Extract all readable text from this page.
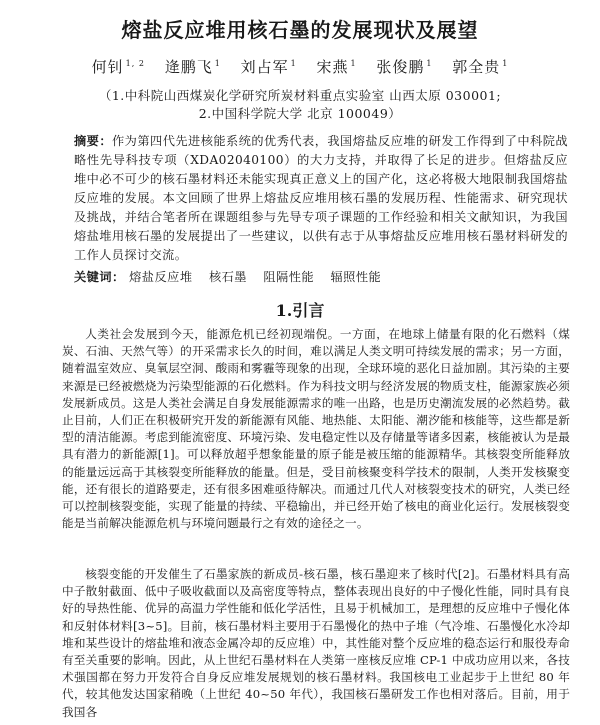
熔盐反应堆用核石墨的发展现状及展望
何钊 $^{1, 2}$ 逄鹏飞 $^1$ 刘占军 $^1$ 宋燕 $^1$ 张俊鹏 $^1$ 郭全贵 $^1$
（1.中科院山西煤炭化学研究所炭材料重点实验室 山西太原 030001;
2.中国科学院大学 北京 100049）
摘要：作为第四代先进核能系统的优秀代表，我国熔盐反应堆的研发工作得到了中科院战略性先导科技专项（XDA02040100）的大力支持，并取得了长足的进步。但熔盐反应堆中必不可少的核石墨材料还未能实现真正意义上的国产化，这必将极大地限制我国熔盐反应堆的发展。本文回顾了世界上熔盐反应堆用核石墨的发展历程、性能需求、研究现状及挑战，并结合笔者所在课题组参与先导专项子课题的工作经验和相关文献知识，为我国熔盐堆用核石墨的发展提出了一些建议，以供有志于从事熔盐反应堆用核石墨材料研发的工作人员探讨交流。
关键词： 熔盐反应堆 核石墨 阻隔性能 辐照性能
1.引言

人类社会发展到今天，能源危机已经初现端倪。一方面，在地球上储量有限的化石燃料（煤炭、石油、天然气等）的开采需求长久的时间，难以满足人类文明可持续发展的需求；另一方面，随着温室效应、臭氧层空洞、酸雨和雾霾等现象的出现，全球环境的恶化日益加剧。其污染的主要来源是已经被燃烧为污染型能源的石化燃料。作为科技文明与经济发展的物质支柱，能源家族必须发展新成员。这是人类社会满足自身发展能源需求的唯一出路，也是历史潮流发展的必然趋势。截止目前，人们正在积极研究开发的新能源有风能、地热能、太阳能、潮汐能和核能等，这些都是新型的清洁能源。考虑到能流密度、环境污染、发电稳定性以及存储量等诸多因素，核能被认为是最具有潜力的新能源[1]。可以释放超乎想象能量的原子能是被压缩的能源精华。其核裂变所能释放的能量远远高于其核裂变所能释放的能量。但是，受目前核聚变科学技术的限制，人类开发核聚变能，还有很长的道路要走，还有很多困难亟待解决。而通过几代人对核裂变技术的研究，人类已经可以控制核裂变能，实现了能量的持续、平稳输出，并已经开始了核电的商业化运行。发展核裂变能是当前解决能源危机与环境问题最行之有效的途径之一。

核裂变能的开发催生了石墨家族的新成员-核石墨，核石墨迎来了核时代[2]。石墨材料具有高中子散射截面、低中子吸收截面以及高密度等特点，整体表现出良好的中子慢化性能，同时具有良好的导热性能、优异的高温力学性能和低化学活性，且易于机械加工，是理想的反应堆中子慢化体和反射体材料[3~5]。目前，核石墨材料主要用于石墨慢化的热中子堆（气冷堆、石墨慢化水冷却堆和某些设计的熔盐堆和液态金属冷却的反应堆）中，其性能对整个反应堆的稳态运行和服役寿命有至关重要的影响。因此，从上世纪石墨材料在人类第一座核反应堆 CP-1 中成功应用以来，各技术强国都在努力开发符合自身反应堆发展规划的核石墨材料。我国核电工业起步于上世纪 80 年代，较其他发达国家稍晚（上世纪 40~50 年代），我国核石墨研发工作也相对落后。目前，用于我国各
